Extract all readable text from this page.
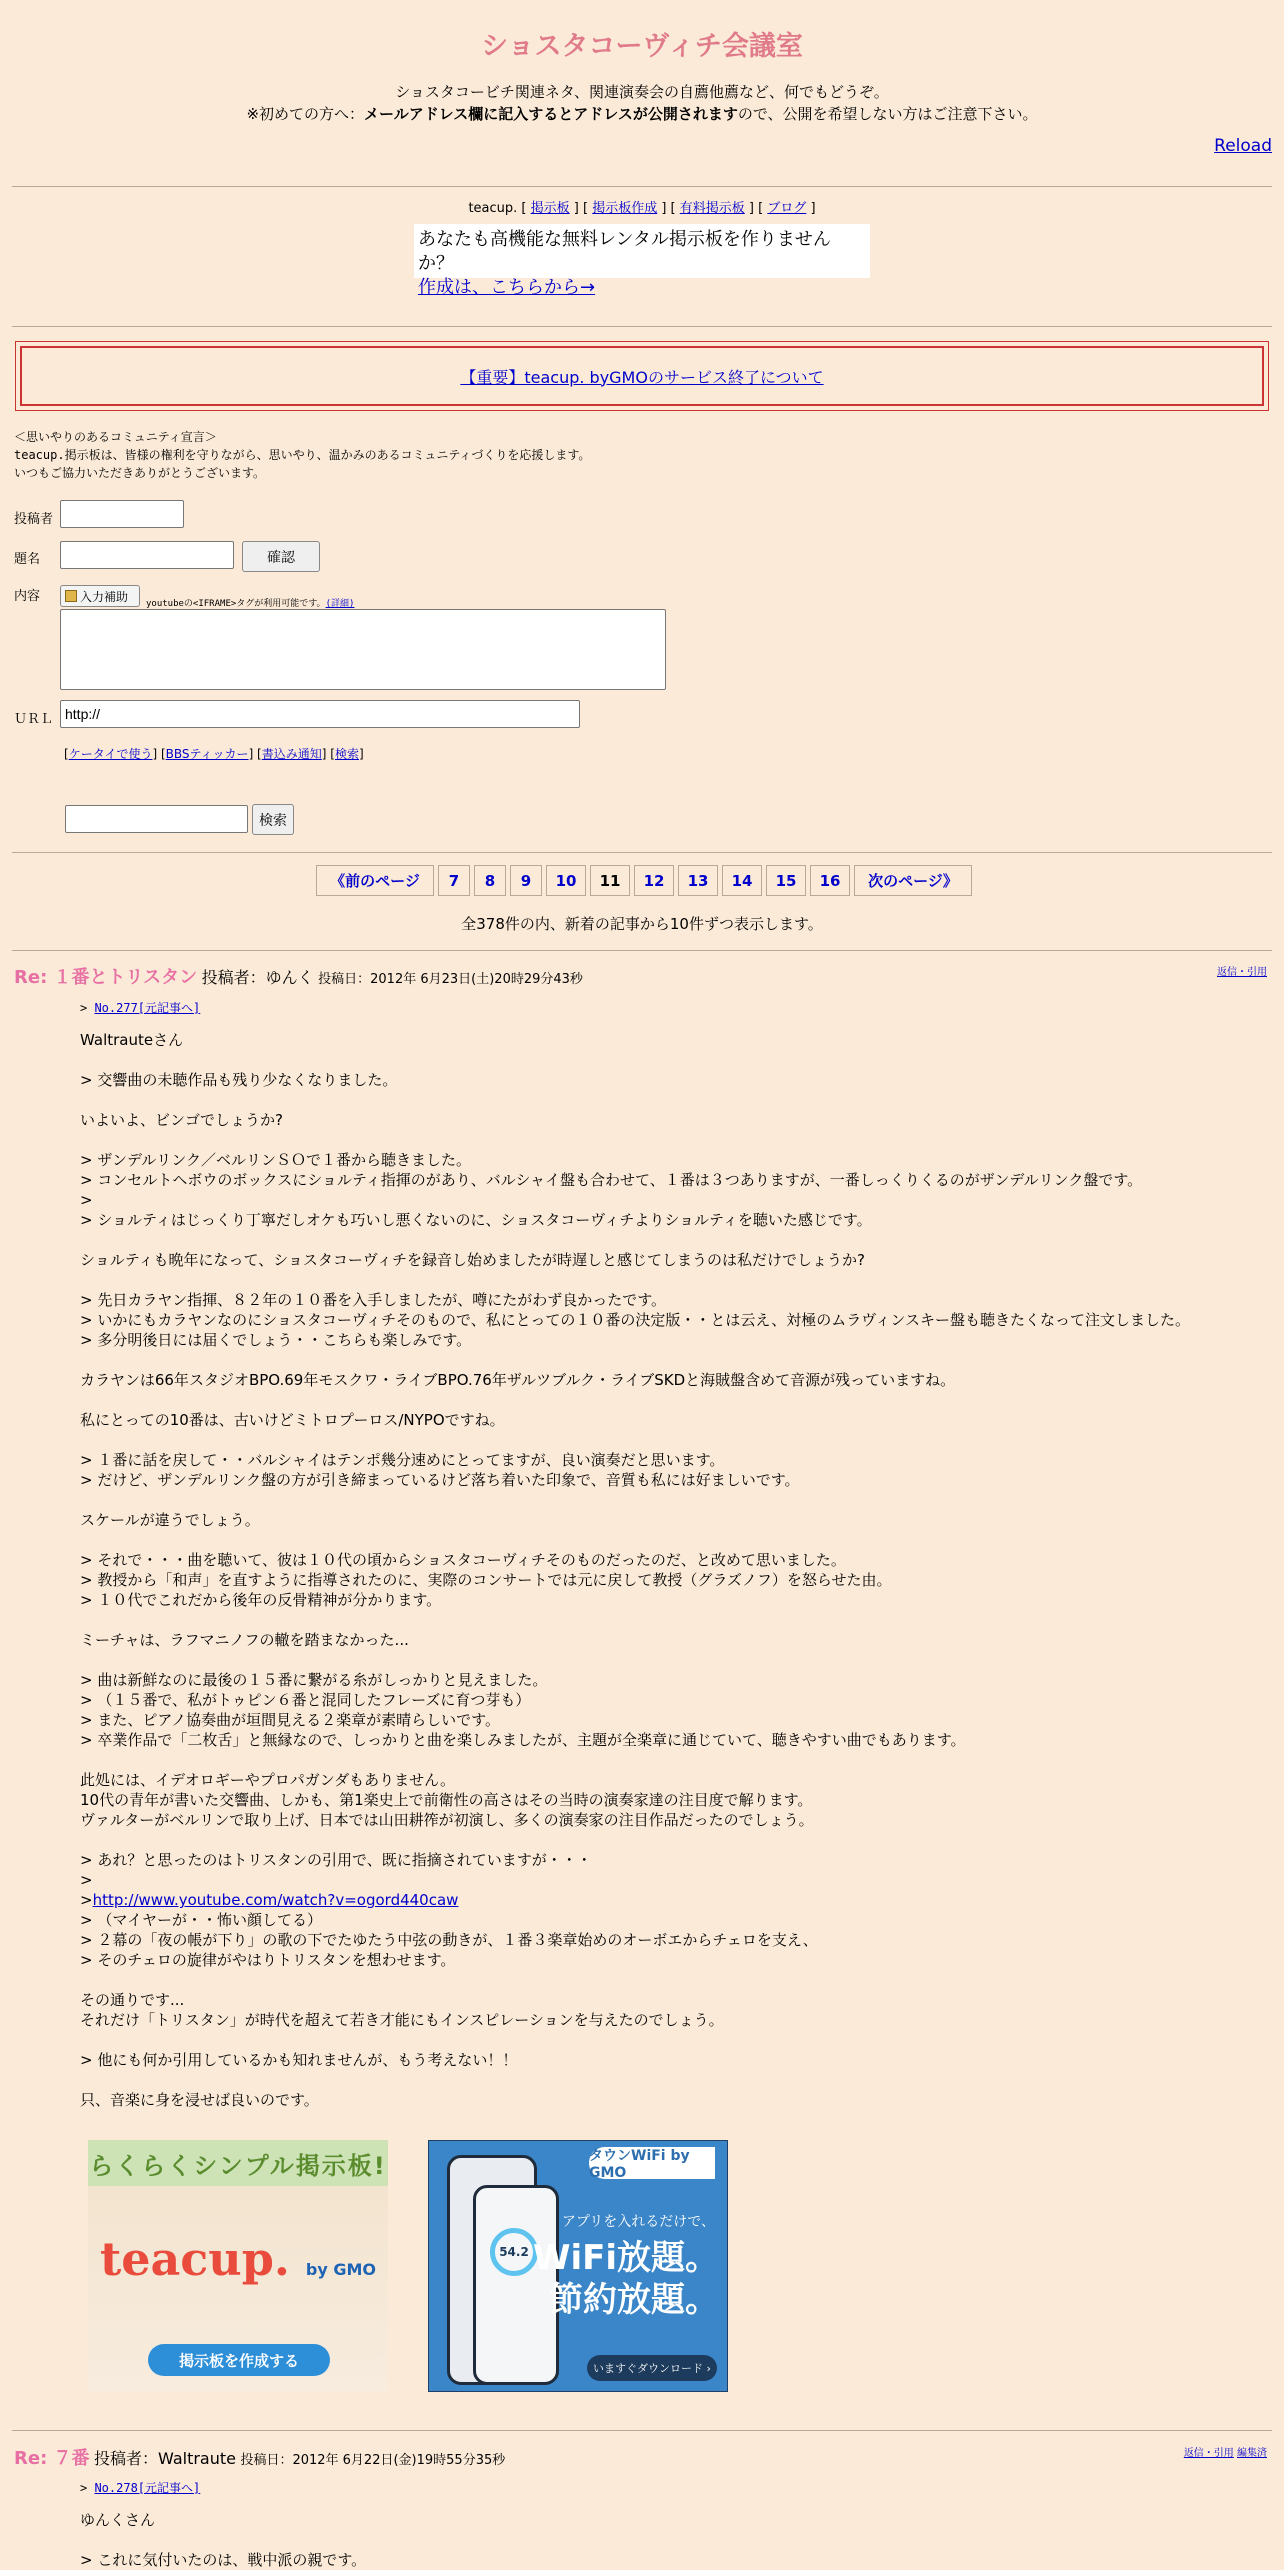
ショスタコーヴィチ会議室
ショスタコービチ関連ネタ、関連演奏会の自薦他薦など、何でもどうぞ。
※初めての方へ：メールアドレス欄に記入するとアドレスが公開されますので、公開を希望しない方はご注意下さい。
Reload
teacup. [ 掲示板 ] [ 掲示板作成 ] [ 有料掲示板 ] [ ブログ ]
あなたも高機能な無料レンタル掲示板を作りませんか？
作成は、こちらから→
【重要】teacup. byGMOのサービス終了について
＜思いやりのあるコミュニティ宣言＞
teacup.掲示板は、皆様の権利を守りながら、思いやり、温かみのあるコミュニティづくりを応援します。
いつもご協力いただきありがとうございます。
投稿者
題名	確認
内容	入力補助
youtubeの<IFRAME>タグが利用可能です。(詳細)
ＵＲＬ
http://
[ケータイで使う] [BBSティッカー] [書込み通知] [検索]
検索
《前のページ	7	8	9	10	11	12	13	14	15	16	次のページ》
全378件の内、新着の記事から10件ずつ表示します。
Re: １番とトリスタン 投稿者：ゆんく 投稿日：2012年 6月23日(土)20時29分43秒	返信・引用
> No.277[元記事へ]
Waltrauteさん

> 交響曲の未聴作品も残り少なくなりました。

いよいよ、ビンゴでしょうか?

> ザンデルリンク／ベルリンＳＯで１番から聴きました。
> コンセルトヘボウのボックスにショルティ指揮のがあり、バルシャイ盤も合わせて、１番は３つありますが、一番しっくりくるのがザンデルリンク盤です。
>
> ショルティはじっくり丁寧だしオケも巧いし悪くないのに、ショスタコーヴィチよりショルティを聴いた感じです。

ショルティも晩年になって、ショスタコーヴィチを録音し始めましたが時遅しと感じてしまうのは私だけでしょうか?

> 先日カラヤン指揮、８２年の１０番を入手しましたが、噂にたがわず良かったです。
> いかにもカラヤンなのにショスタコーヴィチそのもので、私にとっての１０番の決定版・・とは云え、対極のムラヴィンスキー盤も聴きたくなって注文しました。
> 多分明後日には届くでしょう・・こちらも楽しみです。

カラヤンは66年スタジオBPO.69年モスクワ・ライブBPO.76年ザルツブルク・ライブSKDと海賊盤含めて音源が残っていますね。

私にとっての10番は、古いけどミトロプーロス/NYPOですね。

> １番に話を戻して・・バルシャイはテンポ幾分速めにとってますが、良い演奏だと思います。
> だけど、ザンデルリンク盤の方が引き締まっているけど落ち着いた印象で、音質も私には好ましいです。

スケールが違うでしょう。

> それで・・・曲を聴いて、彼は１０代の頃からショスタコーヴィチそのものだったのだ、と改めて思いました。
> 教授から「和声」を直すように指導されたのに、実際のコンサートでは元に戻して教授（グラズノフ）を怒らせた由。
> １０代でこれだから後年の反骨精神が分かります。

ミーチャは、ラフマニノフの轍を踏まなかった...

> 曲は新鮮なのに最後の１５番に繋がる糸がしっかりと見えました。
> （１５番で、私がトゥピン６番と混同したフレーズに育つ芽も）
> また、ピアノ協奏曲が垣間見える２楽章が素晴らしいです。
> 卒業作品で「二枚舌」と無縁なので、しっかりと曲を楽しみましたが、主題が全楽章に通じていて、聴きやすい曲でもあります。

此処には、イデオロギーやプロパガンダもありません。
10代の青年が書いた交響曲、しかも、第1楽史上で前衛性の高さはその当時の演奏家達の注目度で解ります。
ヴァルターがベルリンで取り上げ、日本では山田耕筰が初演し、多くの演奏家の注目作品だったのでしょう。

> あれ？と思ったのはトリスタンの引用で、既に指摘されていますが・・・
>
>http://www.youtube.com/watch?v=ogord440caw
> （マイヤーが・・怖い顔してる）
> ２幕の「夜の帳が下り」の歌の下でたゆたう中弦の動きが、１番３楽章始めのオーボエからチェロを支え、
> そのチェロの旋律がやはりトリスタンを想わせます。

その通りです...
それだけ「トリスタン」が時代を超えて若き才能にもインスピレーションを与えたのでしょう。

> 他にも何か引用しているかも知れませんが、もう考えない！！

只、音楽に身を浸せば良いのです。
らくらくシンプル掲示板!
teacup. by GMO
掲示板を作成する
54.2
タウンWiFi by GMO
アプリを入れるだけで、
WiFi放題。
節約放題。
いますぐダウンロード ›
Re: ７番 投稿者：Waltraute 投稿日：2012年 6月22日(金)19時55分35秒	返信・引用 編集済
> No.278[元記事へ]
ゆんくさん

> これに気付いたのは、戦中派の親です。
